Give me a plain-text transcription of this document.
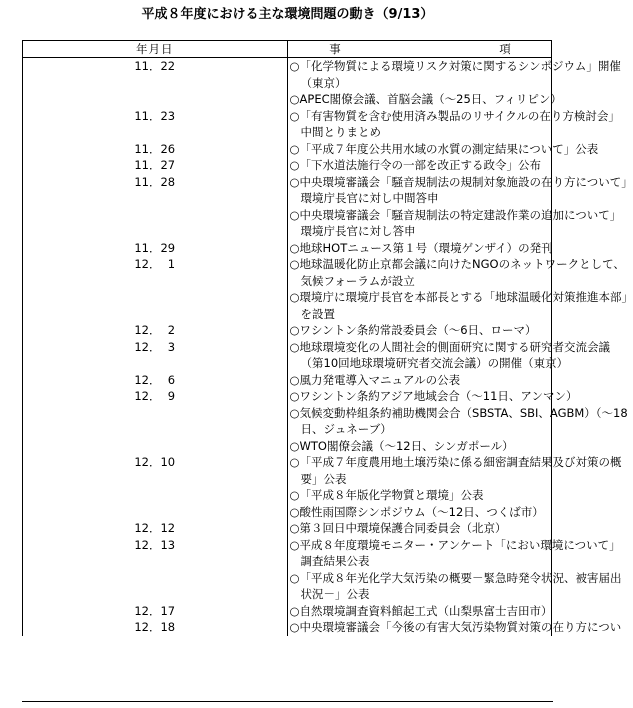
平成８年度における主な環境問題の動き（9/13）
年月日	事 項
11．22	○「化学物質による環境リスク対策に関するシンポジウム」開催
（東京）
○APEC閣僚会議、首脳会議（～25日、フィリピン）

11．23	○「有害物質を含む使用済み製品のリサイクルの在り方検討会」
中間とりまとめ

11．26	○「平成７年度公共用水域の水質の測定結果について」公表

11．27	○「下水道法施行令の一部を改正する政令」公布

11．28	○中央環境審議会「騒音規制法の規制対象施設の在り方について」
環境庁長官に対し中間答申
○中央環境審議会「騒音規制法の特定建設作業の追加について」
環境庁長官に対し答申

11．29	○地球HOTニュース第１号（環境ゲンザイ）の発刊

12．  1	○地球温暖化防止京都会議に向けたNGOのネットワークとして、
気候フォーラムが設立
○環境庁に環境庁長官を本部長とする「地球温暖化対策推進本部」
を設置

12．  2	○ワシントン条約常設委員会（～6日、ローマ）

12．  3	○地球環境変化の人間社会的側面研究に関する研究者交流会議
（第10回地球環境研究者交流会議）の開催（東京）

12．  6	○風力発電導入マニュアルの公表

12．  9	○ワシントン条約アジア地域会合（～11日、アンマン）
○気候変動枠組条約補助機関会合（SBSTA、SBI、AGBM）（～18
日、ジュネーブ）
○WTO閣僚会議（～12日、シンガポール）

12．10	○「平成７年度農用地土壌汚染に係る細密調査結果及び対策の概
要」公表
○「平成８年版化学物質と環境」公表
○酸性雨国際シンポジウム（～12日、つくば市）

12．12	○第３回日中環境保護合同委員会（北京）

12．13	○平成８年度環境モニター・アンケート「におい環境について」
調査結果公表
○「平成８年光化学大気汚染の概要－緊急時発令状況、被害届出
状況－」公表

12．17	○自然環境調査資料館起工式（山梨県富士吉田市）

12．18	○中央環境審議会「今後の有害大気汚染物質対策の在り方につい
